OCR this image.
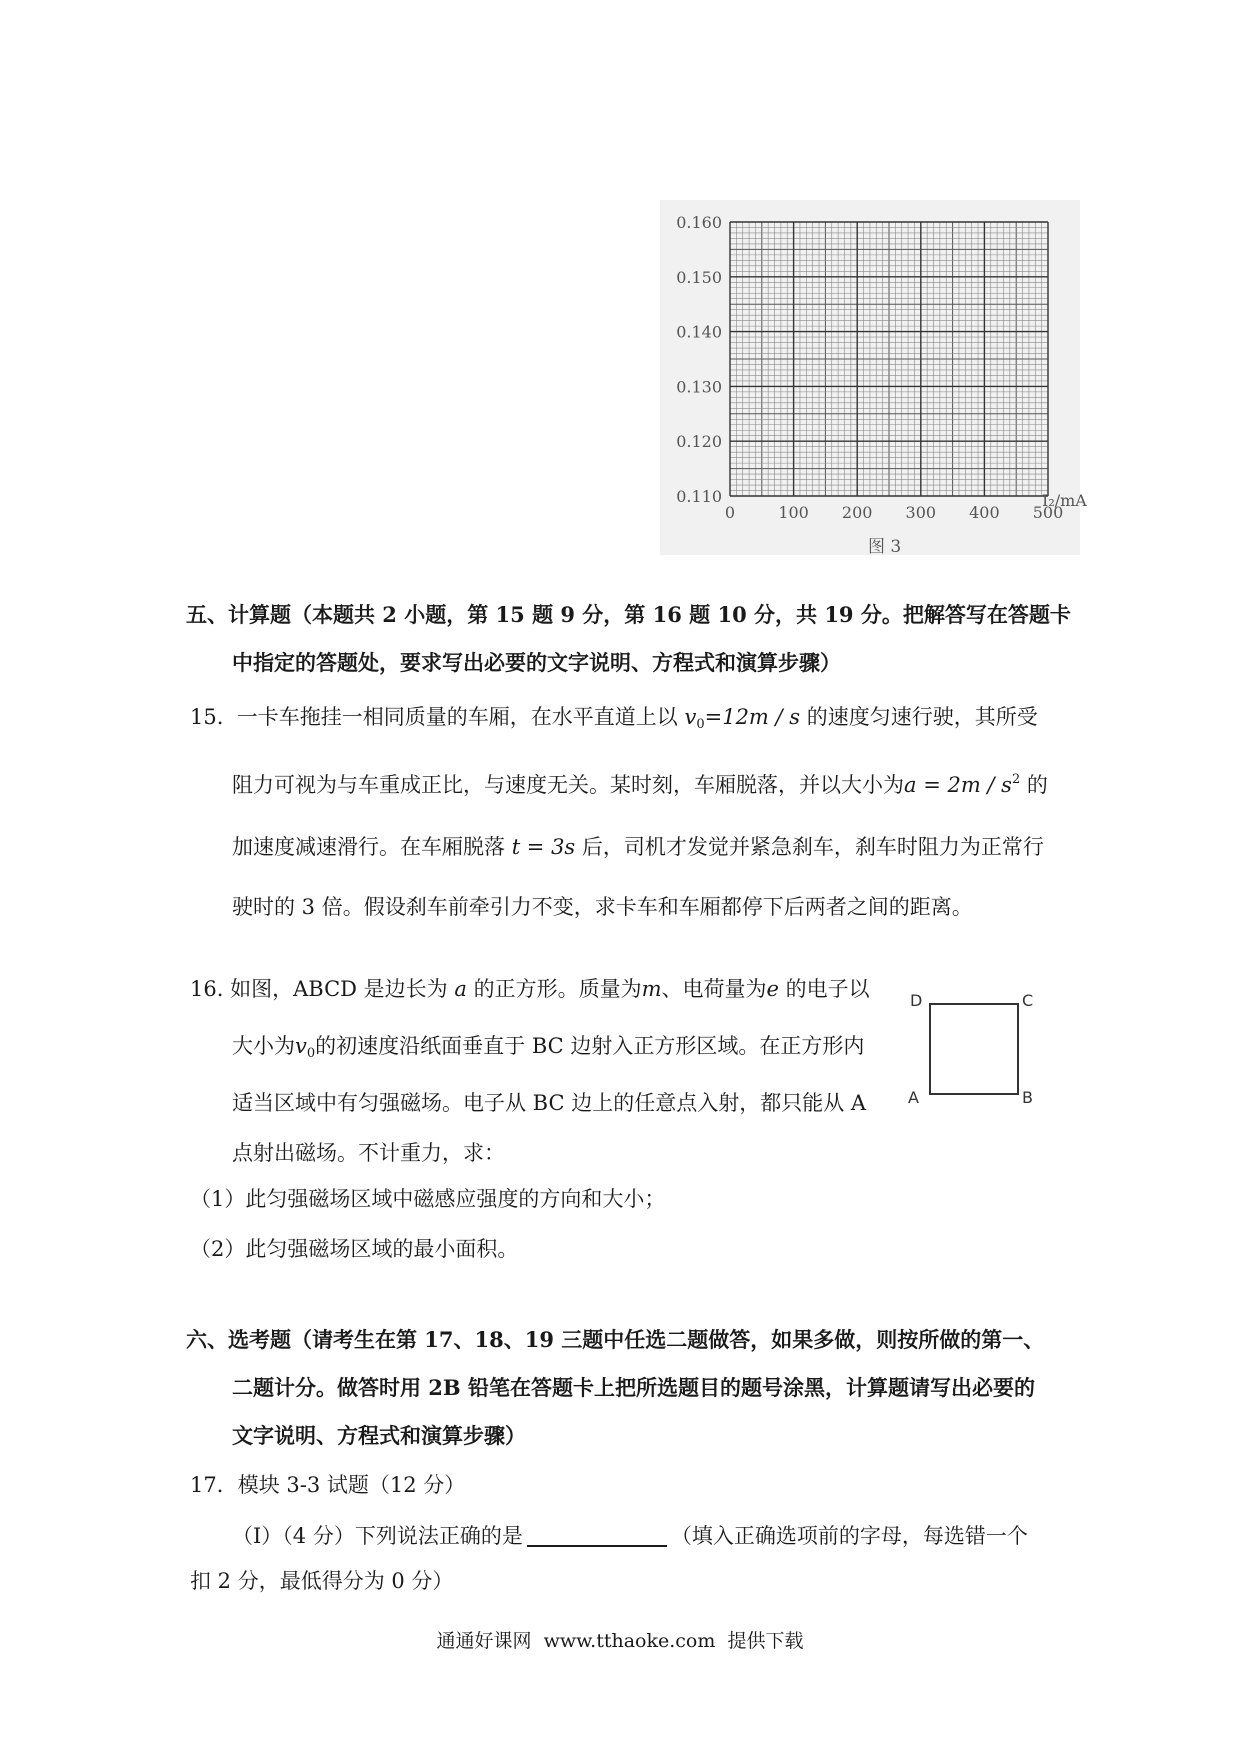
0.160
0.150
0.140
0.130
0.120
0.110
0	100 200 300 400 500
I₂/mA
图 3
五、计算题（本题共 2 小题，第 15 题 9 分，第 16 题 10 分，共 19 分。把解答写在答题卡
中指定的答题处，要求写出必要的文字说明、方程式和演算步骤）
15. 一卡车拖挂一相同质量的车厢，在水平直道上以 $v_0=12m / s$ 的速度匀速行驶，其所受
阻力可视为与车重成正比，与速度无关。某时刻，车厢脱落，并以大小为$a = 2m / s^2$ 的
加速度减速滑行。在车厢脱落 t = 3s 后，司机才发觉并紧急刹车，刹车时阻力为正常行
驶时的 3 倍。假设刹车前牵引力不变，求卡车和车厢都停下后两者之间的距离。
16. 如图，ABCD 是边长为 a 的正方形。质量为m、电荷量为e 的电子以
大小为$v_0$的初速度沿纸面垂直于 BC 边射入正方形区域。在正方形内
适当区域中有匀强磁场。电子从 BC 边上的任意点入射，都只能从 A
点射出磁场。不计重力，求：
（1）此匀强磁场区域中磁感应强度的方向和大小；
（2）此匀强磁场区域的最小面积。
D	C
A	B
六、选考题（请考生在第 17、18、19 三题中任选二题做答，如果多做，则按所做的第一、
二题计分。做答时用 2B 铅笔在答题卡上把所选题目的题号涂黑，计算题请写出必要的
文字说明、方程式和演算步骤）
17．模块 3-3 试题（12 分）
（I）（4 分）下列说法正确的是	（填入正确选项前的字母，每选错一个
扣 2 分，最低得分为 0 分）
通通好课网  www.tthaoke.com  提供下载
